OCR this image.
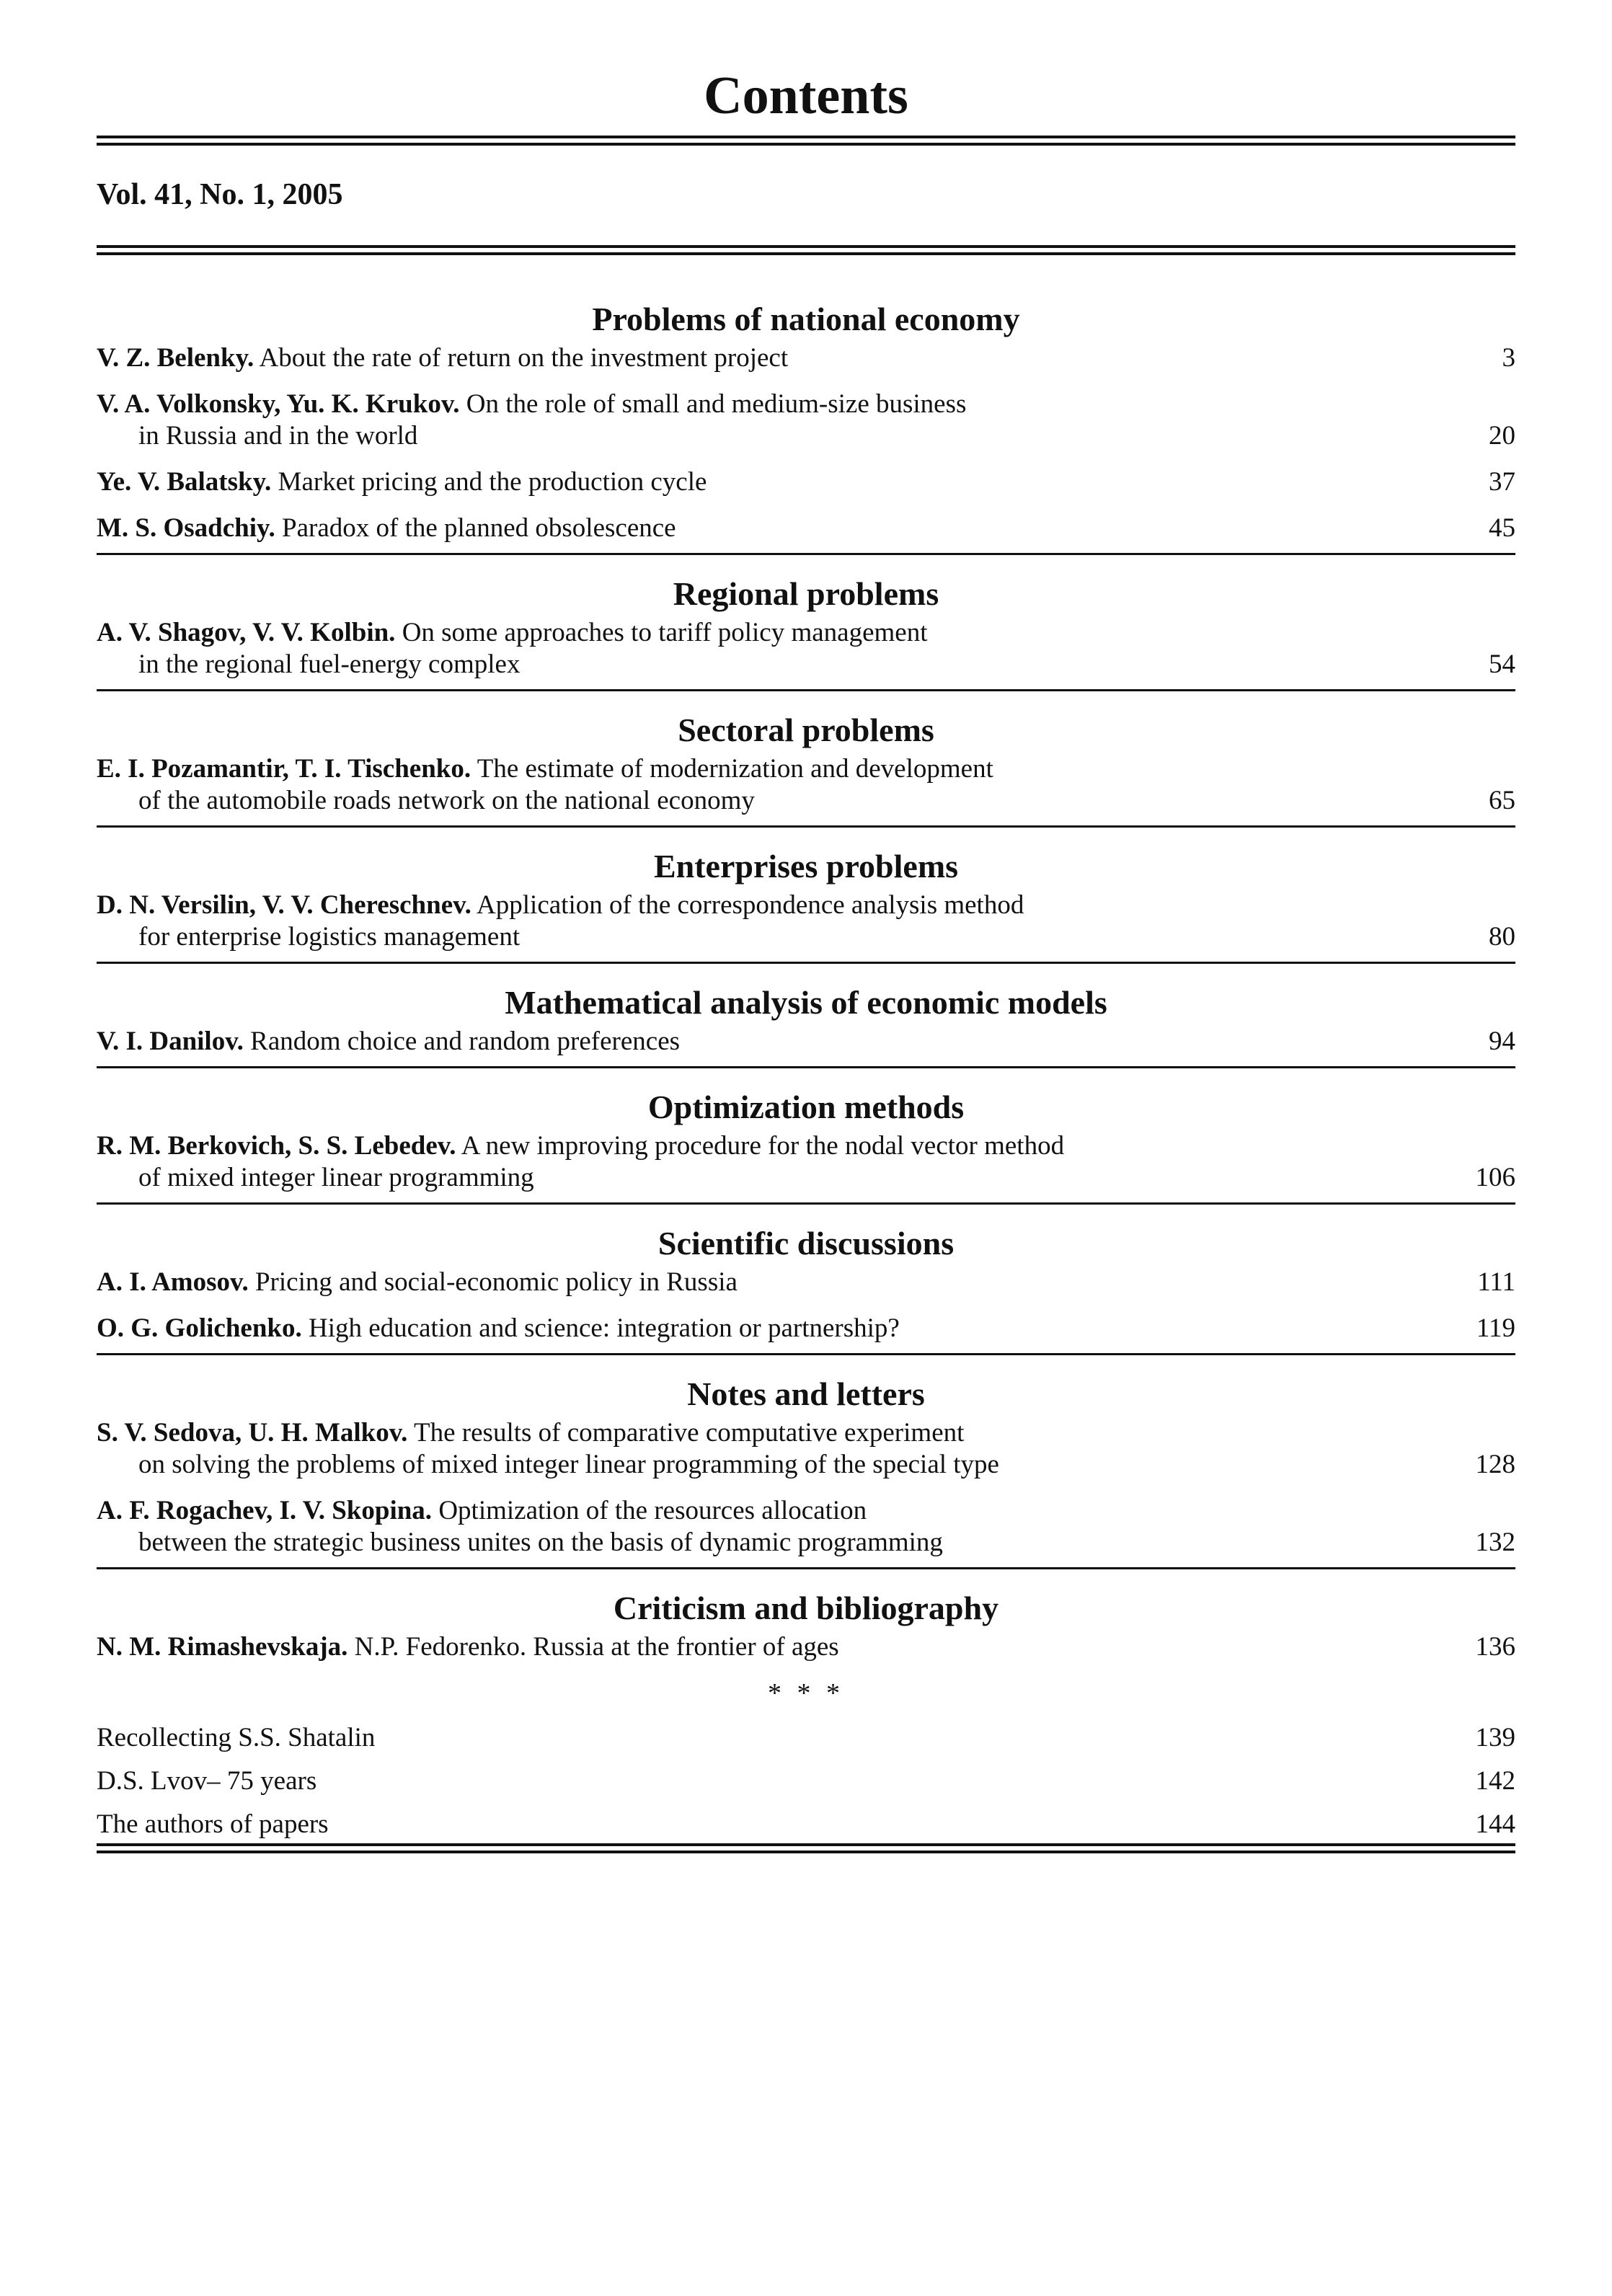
Contents
Vol. 41, No. 1, 2005
Problems of national economy
V. Z. Belenky. About the rate of return on the investment project	3
V. A. Volkonsky, Yu. K. Krukov. On the role of small and medium-size business
in Russia and in the world	20
Ye. V. Balatsky. Market pricing and the production cycle	37
M. S. Osadchiy. Paradox of the planned obsolescence	45
Regional problems
A. V. Shagov, V. V. Kolbin. On some approaches to tariff policy management
in the regional fuel-energy complex	54
Sectoral problems
E. I. Pozamantir, T. I. Tischenko. The estimate of modernization and development
of the automobile roads network on the national economy	65
Enterprises problems
D. N. Versilin, V. V. Chereschnev. Application of the correspondence analysis method
for enterprise logistics management	80
Mathematical analysis of economic models
V. I. Danilov. Random choice and random preferences	94
Optimization methods
R. M. Berkovich, S. S. Lebedev. A new improving procedure for the nodal vector method
of mixed integer linear programming	106
Scientific discussions
A. I. Amosov. Pricing and social-economic policy in Russia	111
O. G. Golichenko. High education and science: integration or partnership?	119
Notes and letters
S. V. Sedova, U. H. Malkov. The results of comparative computative experiment
on solving the problems of mixed integer linear programming of the special type	128
A. F. Rogachev, I. V. Skopina. Optimization of the resources allocation
between the strategic business unites on the basis of dynamic programming	132
Criticism and bibliography
N. M. Rimashevskaja. N.P. Fedorenko. Russia at the frontier of ages	136
* * *
Recollecting S.S. Shatalin	139
D.S. Lvov– 75 years	142
The authors of papers	144
